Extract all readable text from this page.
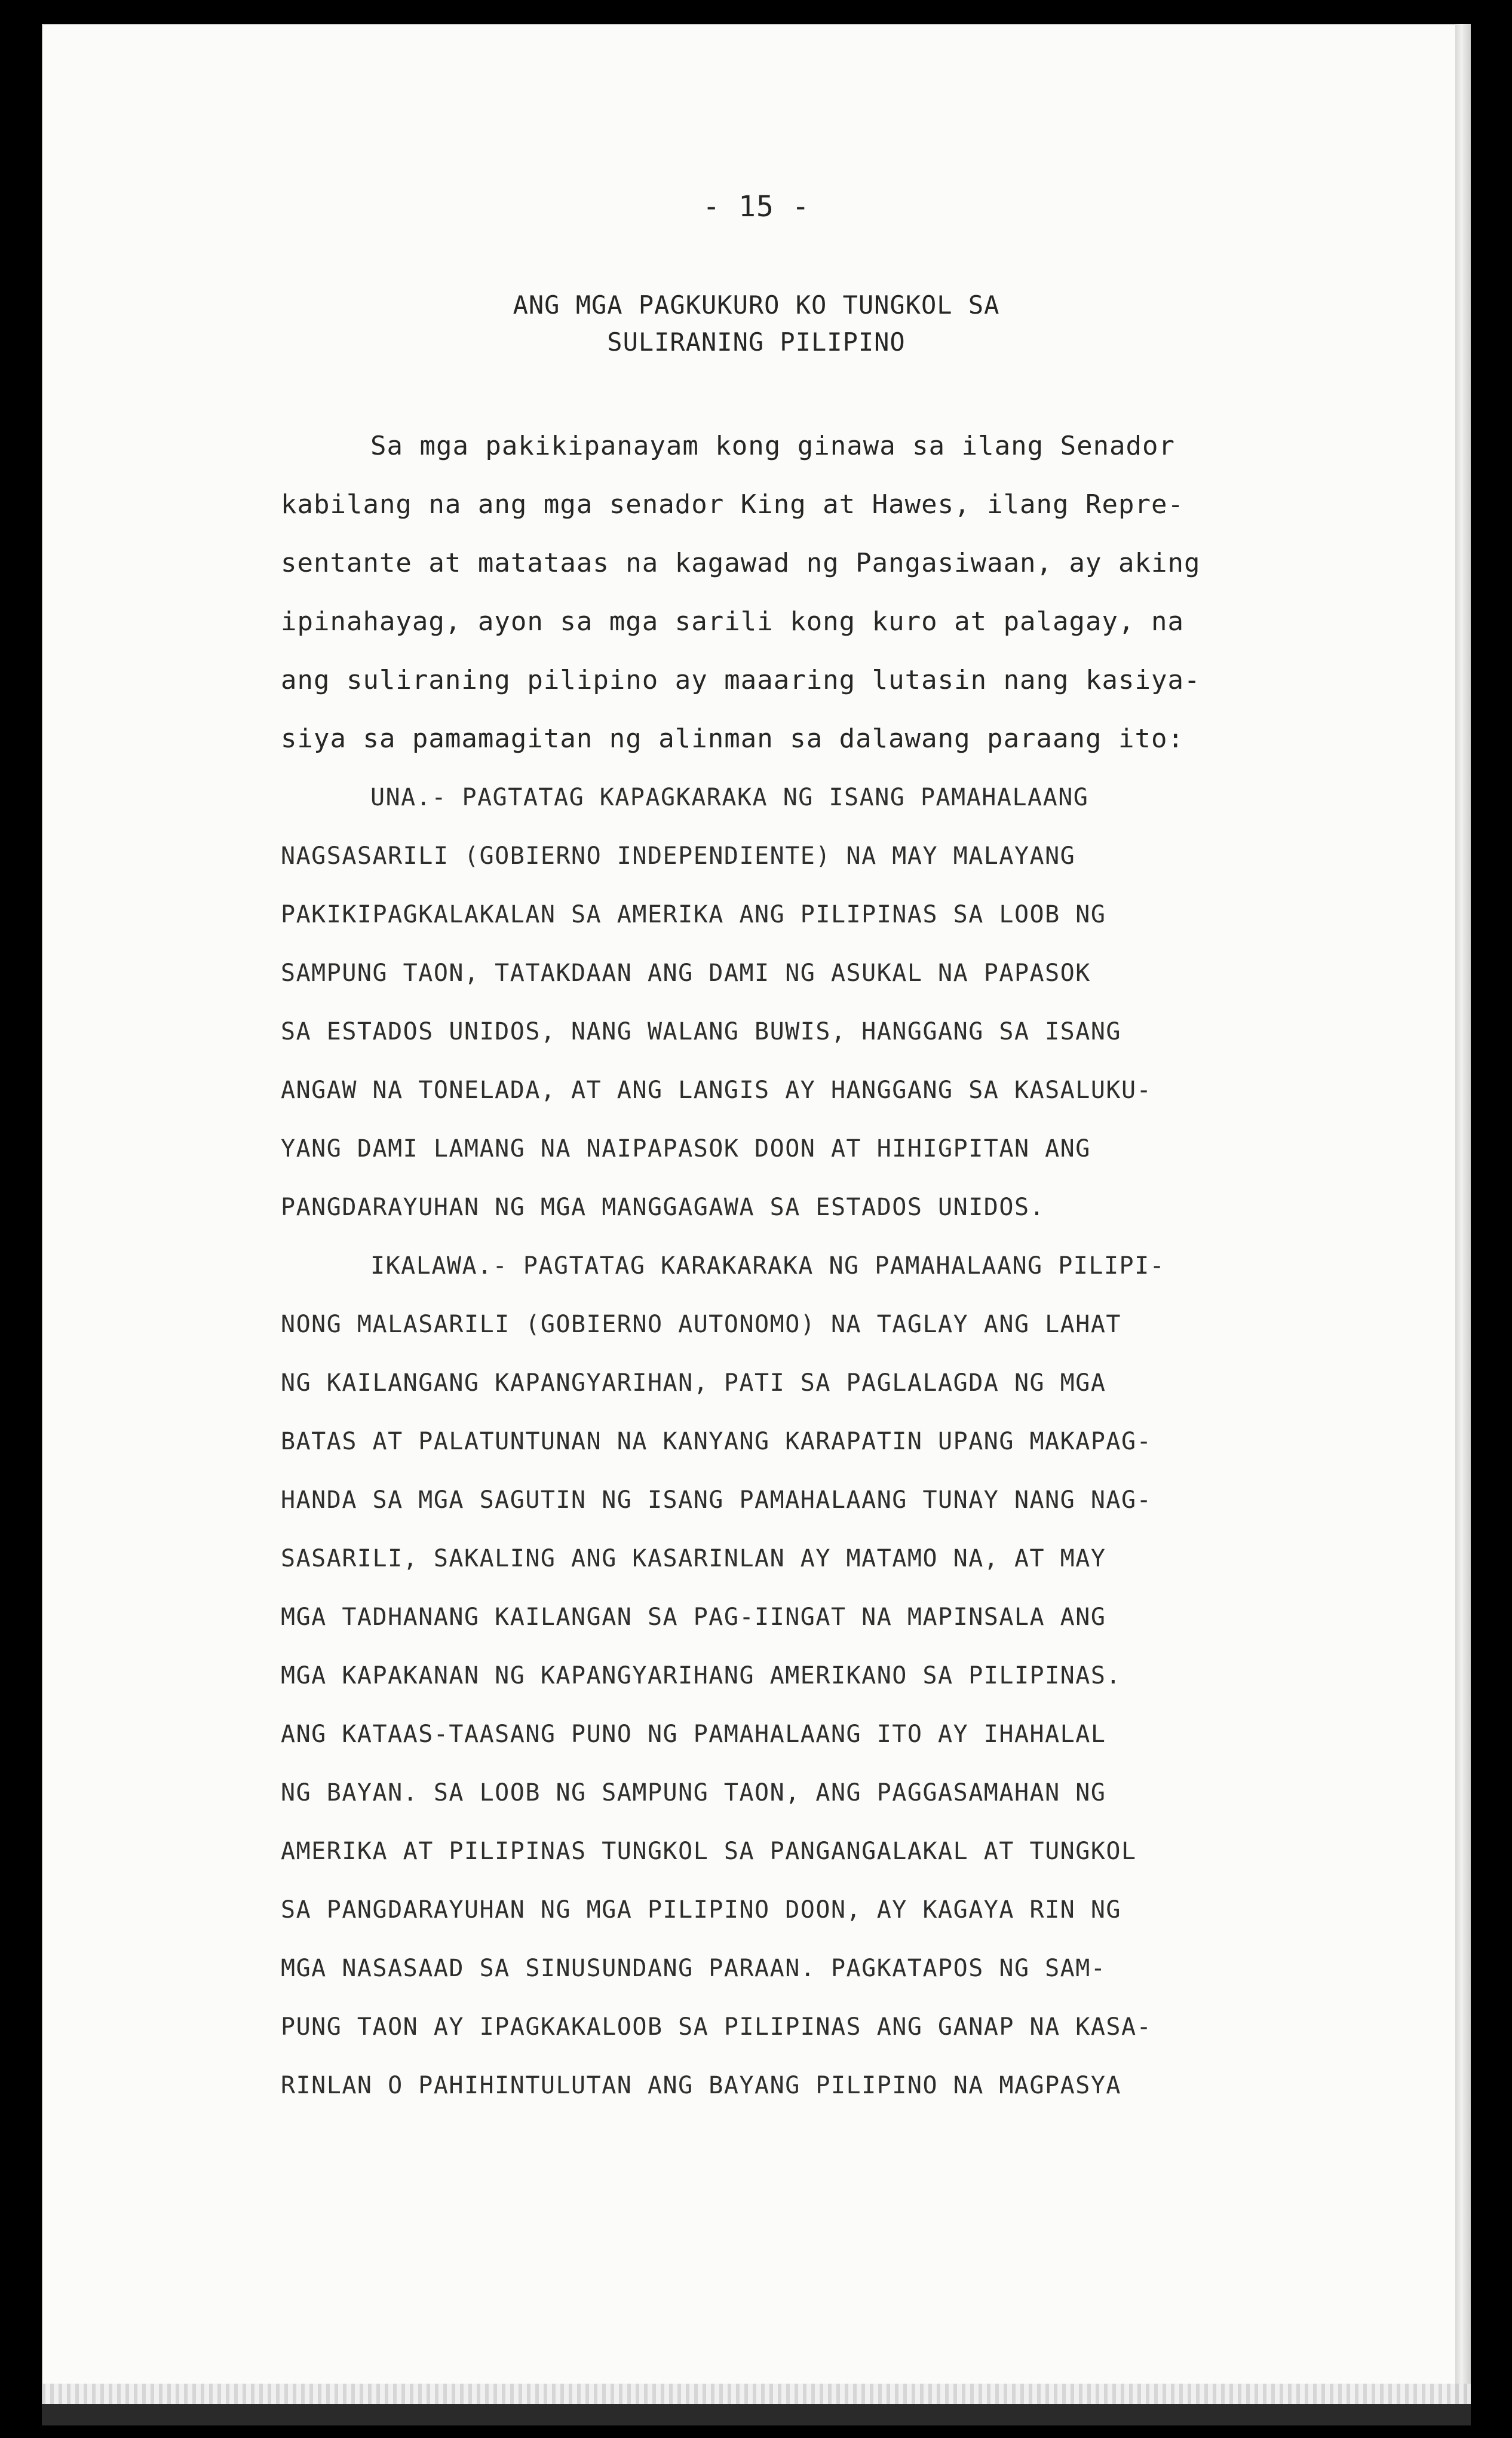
- 15 -
ANG MGA PAGKUKURO KO TUNGKOL SA
SULIRANING PILIPINO
Sa mga pakikipanayam kong ginawa sa ilang Senador
kabilang na ang mga senador King at Hawes, ilang Repre-
sentante at matataas na kagawad ng Pangasiwaan, ay aking
ipinahayag, ayon sa mga sarili kong kuro at palagay, na
ang suliraning pilipino ay maaaring lutasin nang kasiya-
siya sa pamamagitan ng alinman sa dalawang paraang ito:
UNA.- PAGTATAG KAPAGKARAKA NG ISANG PAMAHALAANG
NAGSASARILI (GOBIERNO INDEPENDIENTE) NA MAY MALAYANG
PAKIKIPAGKALAKALAN SA AMERIKA ANG PILIPINAS SA LOOB NG
SAMPUNG TAON, TATAKDAAN ANG DAMI NG ASUKAL NA PAPASOK
SA ESTADOS UNIDOS, NANG WALANG BUWIS, HANGGANG SA ISANG
ANGAW NA TONELADA, AT ANG LANGIS AY HANGGANG SA KASALUKU-
YANG DAMI LAMANG NA NAIPAPASOK DOON AT HIHIGPITAN ANG
PANGDARAYUHAN NG MGA MANGGAGAWA SA ESTADOS UNIDOS.
IKALAWA.- PAGTATAG KARAKARAKA NG PAMAHALAANG PILIPI-
NONG MALASARILI (GOBIERNO AUTONOMO) NA TAGLAY ANG LAHAT
NG KAILANGANG KAPANGYARIHAN, PATI SA PAGLALAGDA NG MGA
BATAS AT PALATUNTUNAN NA KANYANG KARAPATIN UPANG MAKAPAG-
HANDA SA MGA SAGUTIN NG ISANG PAMAHALAANG TUNAY NANG NAG-
SASARILI, SAKALING ANG KASARINLAN AY MATAMO NA, AT MAY
MGA TADHANANG KAILANGAN SA PAG-IINGAT NA MAPINSALA ANG
MGA KAPAKANAN NG KAPANGYARIHANG AMERIKANO SA PILIPINAS.
ANG KATAAS-TAASANG PUNO NG PAMAHALAANG ITO AY IHAHALAL
NG BAYAN. SA LOOB NG SAMPUNG TAON, ANG PAGGASAMAHAN NG
AMERIKA AT PILIPINAS TUNGKOL SA PANGANGALAKAL AT TUNGKOL
SA PANGDARAYUHAN NG MGA PILIPINO DOON, AY KAGAYA RIN NG
MGA NASASAAD SA SINUSUNDANG PARAAN. PAGKATAPOS NG SAM-
PUNG TAON AY IPAGKAKALOOB SA PILIPINAS ANG GANAP NA KASA-
RINLAN O PAHIHINTULUTAN ANG BAYANG PILIPINO NA MAGPASYA
